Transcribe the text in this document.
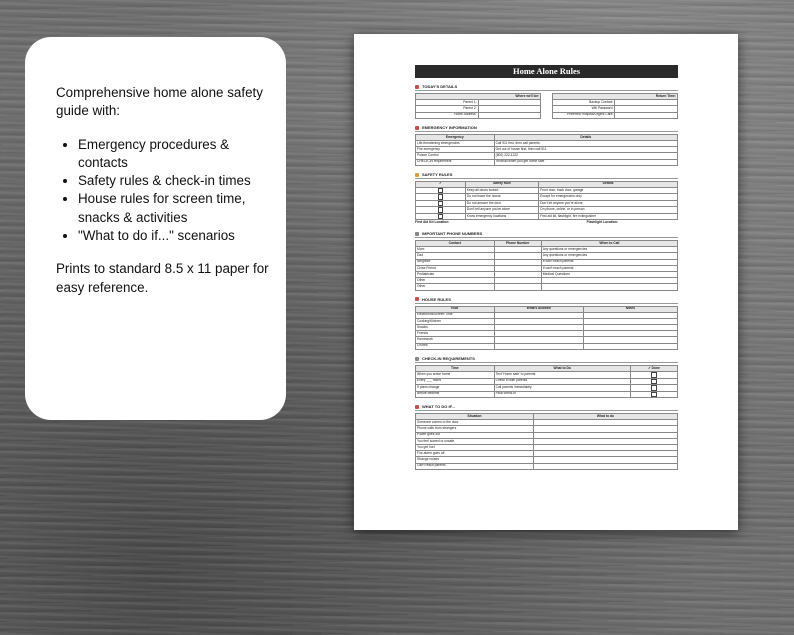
Comprehensive home alone safety guide with:

• Emergency procedures & contacts
• Safety rules & check-in times
• House rules for screen time, snacks & activities
• "What to do if..." scenarios

Prints to standard 8.5 x 11 paper for easy reference.

Home Alone Rules
TODAY'S DETAILS
Where we'll be:	
Parent 1:	
Parent 2:	
Home Address:	
Return Time:	
Backup Contact:	
Wifi Password:	
Preferred Hospital/Urgent Care:	
EMERGENCY INFORMATION
Emergency	Details
Life-threatening emergencies	Call 911 first, then call parents
Fire emergency	Get out of house first, then call 911
Poison Control	(800) 222-1222
CHECK-IN requirement	Text/call when you get home safe
SAFETY RULES
✓	Safety Rule	Details
	Keep all doors locked	Front door, back door, garage
	Do not leave the house	Except for emergencies only
	Do not answer the door	Don't let anyone you're alone
	Don't tell anyone you're alone	On phone, online, or in person
	Know emergency locations	First aid kit, flashlight, fire extinguisher
First Aid Kit Location:	Flashlight Location:
IMPORTANT PHONE NUMBERS
Contact	Phone Number	When to Call
Mom		Any questions or emergencies
Dad		Any questions or emergencies
Neighbor		If can't reach parents
Close Friend		If can't reach parents
Pediatrician		Medical Questions
Other		
Other		
HOUSE RULES
Rule	What's Allowed	Notes
Electronics/Screen Time		
Cooking/Kitchen		
Snacks		
Friends		
Homework		
Chores		
CHECK-IN REQUIREMENTS
Time	What to Do	✓ Done
When you arrive home	Text 'Home safe' to parents	
Every ___ hours	Check in with parents	
If plans change	Call parents immediately	
Before bedtime	Final check-in	
WHAT TO DO IF...
Situation	What to do
Someone comes to the door	
Phone calls from strangers	
Power goes out	
You feel scared or unsafe	
You get hurt	
Fire alarm goes off	
Strange noises	
Can't reach parents	
